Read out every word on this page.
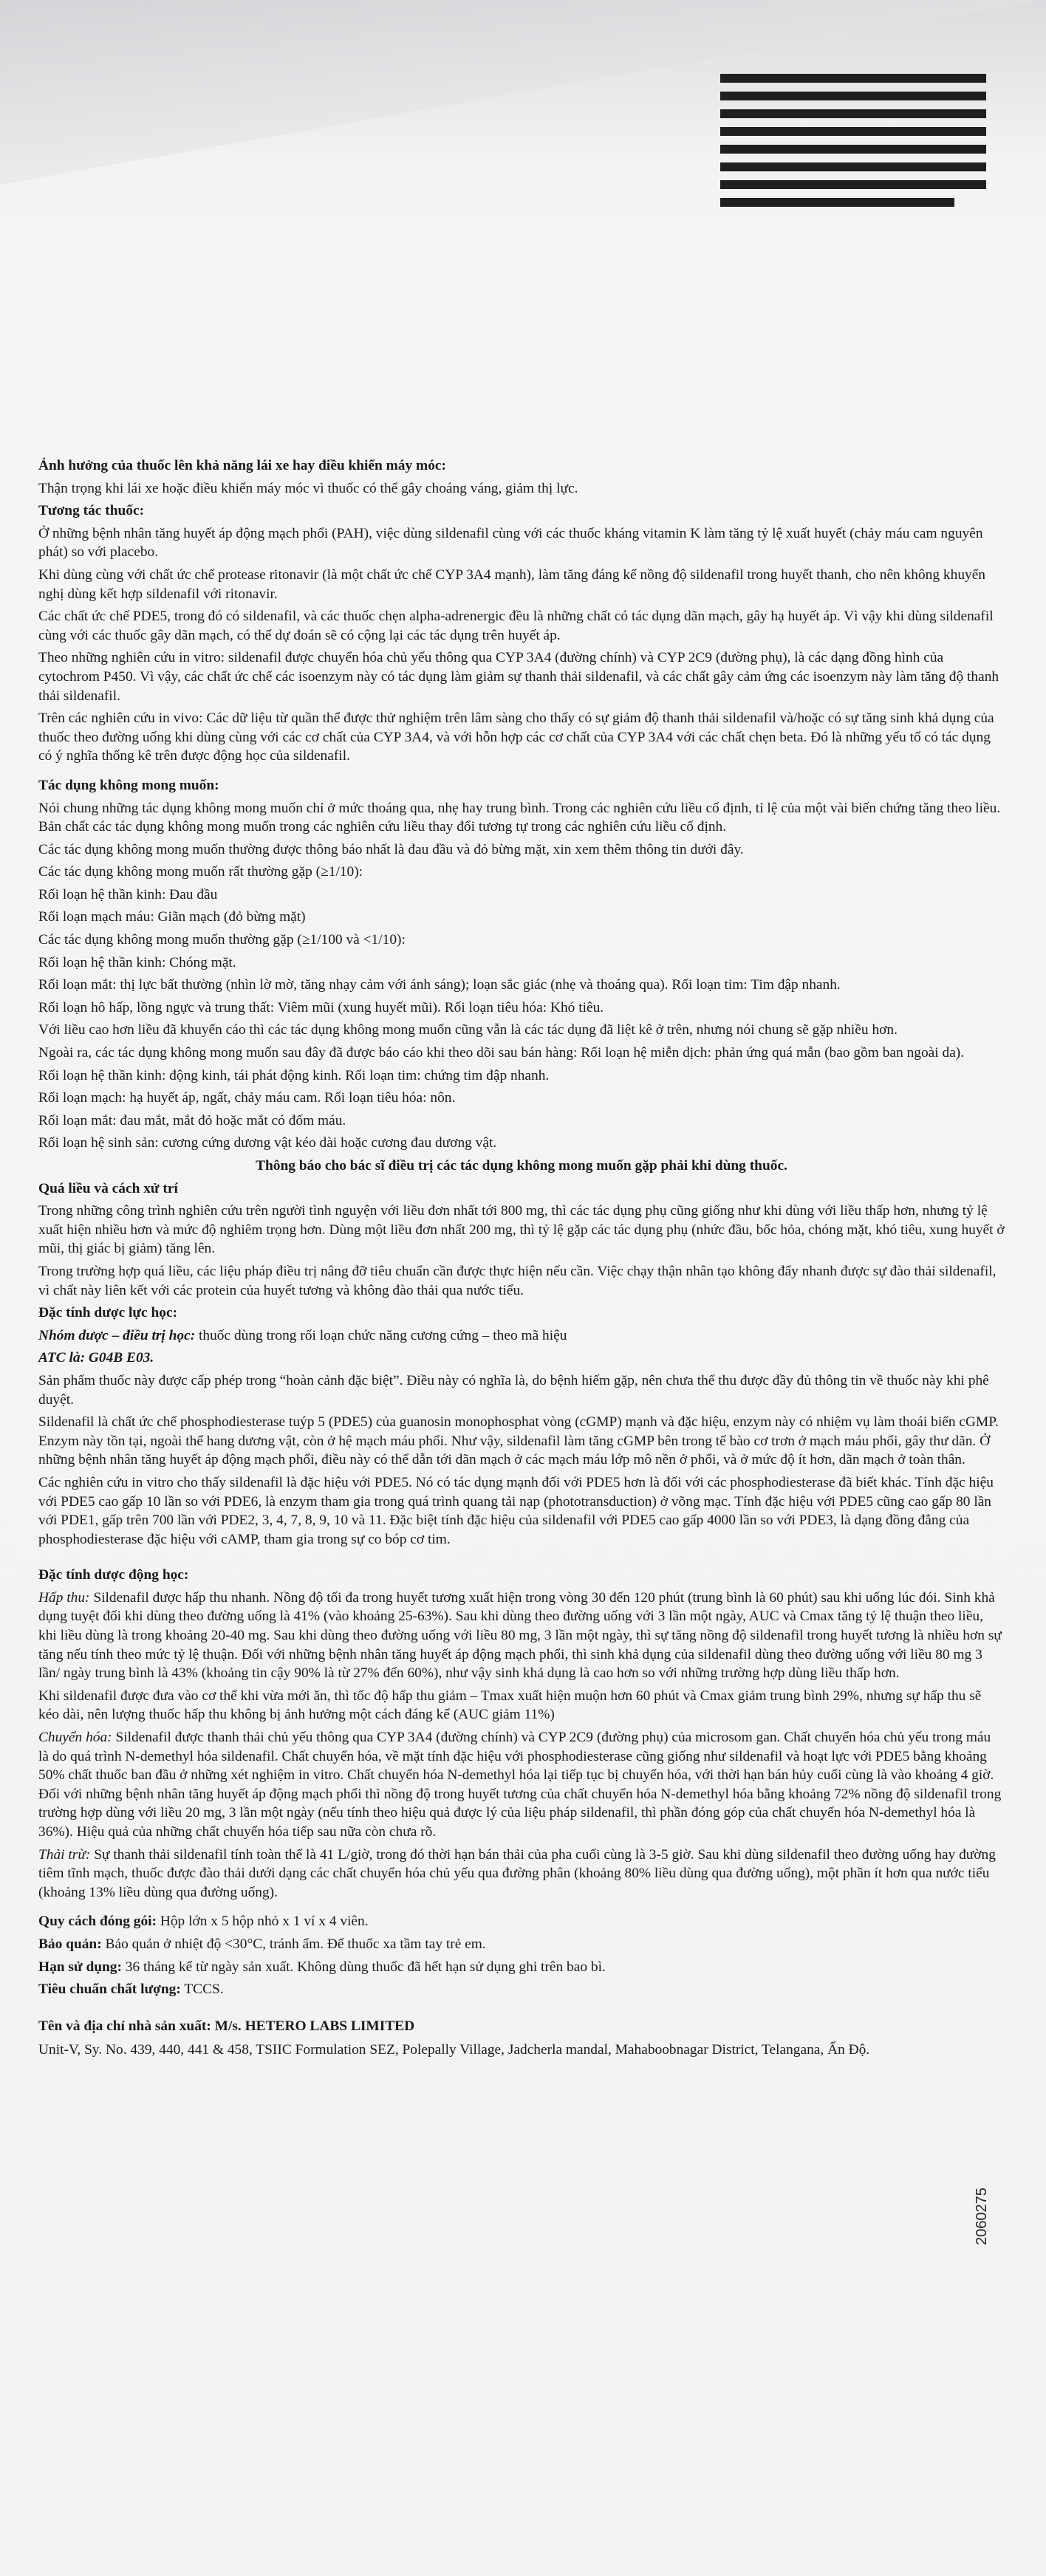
Ảnh hưởng của thuốc lên khả năng lái xe hay điều khiển máy móc:

Thận trọng khi lái xe hoặc điều khiển máy móc vì thuốc có thể gây choáng váng, giảm thị lực.

Tương tác thuốc:

Ở những bệnh nhân tăng huyết áp động mạch phổi (PAH), việc dùng sildenafil cùng với các thuốc kháng vitamin K làm tăng tỷ lệ xuất huyết (chảy máu cam nguyên phát) so với placebo.

Khi dùng cùng với chất ức chế protease ritonavir (là một chất ức chế CYP 3A4 mạnh), làm tăng đáng kể nồng độ sildenafil trong huyết thanh, cho nên không khuyến nghị dùng kết hợp sildenafil với ritonavir.

Các chất ức chế PDE5, trong đó có sildenafil, và các thuốc chẹn alpha-adrenergic đều là những chất có tác dụng dãn mạch, gây hạ huyết áp. Vì vậy khi dùng sildenafil cùng với các thuốc gây dãn mạch, có thể dự đoán sẽ có cộng lại các tác dụng trên huyết áp.

Theo những nghiên cứu in vitro: sildenafil được chuyển hóa chủ yếu thông qua CYP 3A4 (đường chính) và CYP 2C9 (đường phụ), là các dạng đồng hình của cytochrom P450. Vì vậy, các chất ức chế các isoenzym này có tác dụng làm giảm sự thanh thải sildenafil, và các chất gây cảm ứng các isoenzym này làm tăng độ thanh thải sildenafil.

Trên các nghiên cứu in vivo: Các dữ liệu từ quần thể được thử nghiệm trên lâm sàng cho thấy có sự giảm độ thanh thải sildenafil và/hoặc có sự tăng sinh khả dụng của thuốc theo đường uống khi dùng cùng với các cơ chất của CYP 3A4, và với hỗn hợp các cơ chất của CYP 3A4 với các chất chẹn beta. Đó là những yếu tố có tác dụng có ý nghĩa thống kê trên được động học của sildenafil.

Tác dụng không mong muốn:

Nói chung những tác dụng không mong muốn chỉ ở mức thoáng qua, nhẹ hay trung bình. Trong các nghiên cứu liều cố định, tỉ lệ của một vài biến chứng tăng theo liều. Bản chất các tác dụng không mong muốn trong các nghiên cứu liều thay đổi tương tự trong các nghiên cứu liều cố định.

Các tác dụng không mong muốn thường được thông báo nhất là đau đầu và đỏ bừng mặt, xin xem thêm thông tin dưới đây.

Các tác dụng không mong muốn rất thường gặp (≥1/10):

Rối loạn hệ thần kinh: Đau đầu

Rối loạn mạch máu: Giãn mạch (đỏ bừng mặt)

Các tác dụng không mong muốn thường gặp (≥1/100 và <1/10):

Rối loạn hệ thần kinh: Chóng mặt.

Rối loạn mắt: thị lực bất thường (nhìn lờ mờ, tăng nhạy cảm với ánh sáng); loạn sắc giác (nhẹ và thoáng qua). Rối loạn tim: Tim đập nhanh.

Rối loạn hô hấp, lồng ngực và trung thất: Viêm mũi (xung huyết mũi). Rối loạn tiêu hóa: Khó tiêu.

Với liều cao hơn liều đã khuyến cáo thì các tác dụng không mong muốn cũng vẫn là các tác dụng đã liệt kê ở trên, nhưng nói chung sẽ gặp nhiều hơn.

Ngoài ra, các tác dụng không mong muốn sau đây đã được báo cáo khi theo dõi sau bán hàng: Rối loạn hệ miễn dịch: phản ứng quá mẫn (bao gồm ban ngoài da).

Rối loạn hệ thần kinh: động kinh, tái phát động kinh. Rối loạn tim: chứng tim đập nhanh.

Rối loạn mạch: hạ huyết áp, ngất, chảy máu cam. Rối loạn tiêu hóa: nôn.

Rối loạn mắt: đau mắt, mắt đỏ hoặc mắt có đốm máu.

Rối loạn hệ sinh sản: cương cứng dương vật kéo dài hoặc cương đau dương vật.

Thông báo cho bác sĩ điều trị các tác dụng không mong muốn gặp phải khi dùng thuốc.

Quá liều và cách xử trí

Trong những công trình nghiên cứu trên người tình nguyện với liều đơn nhất tới 800 mg, thì các tác dụng phụ cũng giống như khi dùng với liều thấp hơn, nhưng tỷ lệ xuất hiện nhiều hơn và mức độ nghiêm trọng hơn. Dùng một liều đơn nhất 200 mg, thì tỷ lệ gặp các tác dụng phụ (nhức đầu, bốc hỏa, chóng mặt, khó tiêu, xung huyết ở mũi, thị giác bị giảm) tăng lên.

Trong trường hợp quá liều, các liệu pháp điều trị nâng đỡ tiêu chuẩn cần được thực hiện nếu cần. Việc chạy thận nhân tạo không đẩy nhanh được sự đào thải sildenafil, vì chất này liên kết với các protein của huyết tương và không đào thải qua nước tiểu.

Đặc tính dược lực học:

Nhóm dược – điều trị học: thuốc dùng trong rối loạn chức năng cương cứng – theo mã hiệu

ATC là: G04B E03.

Sản phẩm thuốc này được cấp phép trong “hoàn cảnh đặc biệt”. Điều này có nghĩa là, do bệnh hiếm gặp, nên chưa thể thu được đầy đủ thông tin về thuốc này khi phê duyệt.

Sildenafil là chất ức chế phosphodiesterase tuýp 5 (PDE5) của guanosin monophosphat vòng (cGMP) mạnh và đặc hiệu, enzym này có nhiệm vụ làm thoái biến cGMP. Enzym này tồn tại, ngoài thể hang dương vật, còn ở hệ mạch máu phổi. Như vậy, sildenafil làm tăng cGMP bên trong tế bào cơ trơn ở mạch máu phổi, gây thư dãn. Ở những bệnh nhân tăng huyết áp động mạch phổi, điều này có thể dẫn tới dãn mạch ở các mạch máu lớp mô nền ở phổi, và ở mức độ ít hơn, dãn mạch ở toàn thân.

Các nghiên cứu in vitro cho thấy sildenafil là đặc hiệu với PDE5. Nó có tác dụng mạnh đối với PDE5 hơn là đối với các phosphodiesterase đã biết khác. Tính đặc hiệu với PDE5 cao gấp 10 lần so với PDE6, là enzym tham gia trong quá trình quang tải nạp (phototransduction) ở võng mạc. Tính đặc hiệu với PDE5 cũng cao gấp 80 lần với PDE1, gấp trên 700 lần với PDE2, 3, 4, 7, 8, 9, 10 và 11. Đặc biệt tính đặc hiệu của sildenafil với PDE5 cao gấp 4000 lần so với PDE3, là dạng đồng đẳng của phosphodiesterase đặc hiệu với cAMP, tham gia trong sự co bóp cơ tim.

Đặc tính dược động học:

Hấp thu: Sildenafil được hấp thu nhanh. Nồng độ tối đa trong huyết tương xuất hiện trong vòng 30 đến 120 phút (trung bình là 60 phút) sau khi uống lúc đói. Sinh khả dụng tuyệt đối khi dùng theo đường uống là 41% (vào khoảng 25-63%). Sau khi dùng theo đường uống với 3 lần một ngày, AUC và Cmax tăng tỷ lệ thuận theo liều, khi liều dùng là trong khoảng 20-40 mg. Sau khi dùng theo đường uống với liều 80 mg, 3 lần một ngày, thì sự tăng nồng độ sildenafil trong huyết tương là nhiều hơn sự tăng nếu tính theo mức tỷ lệ thuận. Đối với những bệnh nhân tăng huyết áp động mạch phổi, thì sinh khả dụng của sildenafil dùng theo đường uống với liều 80 mg 3 lần/ ngày trung bình là 43% (khoảng tin cậy 90% là từ 27% đến 60%), như vậy sinh khả dụng là cao hơn so với những trường hợp dùng liều thấp hơn.

Khi sildenafil được đưa vào cơ thể khi vừa mới ăn, thì tốc độ hấp thu giảm – Tmax xuất hiện muộn hơn 60 phút và Cmax giảm trung bình 29%, nhưng sự hấp thu sẽ kéo dài, nên lượng thuốc hấp thu không bị ảnh hưởng một cách đáng kể (AUC giảm 11%)

Chuyển hóa: Sildenafil được thanh thải chủ yếu thông qua CYP 3A4 (đường chính) và CYP 2C9 (đường phụ) của microsom gan. Chất chuyển hóa chủ yếu trong máu là do quá trình N-demethyl hóa sildenafil. Chất chuyển hóa, về mặt tính đặc hiệu với phosphodiesterase cũng giống như sildenafil và hoạt lực với PDE5 bằng khoảng 50% chất thuốc ban đầu ở những xét nghiệm in vitro. Chất chuyển hóa N-demethyl hóa lại tiếp tục bị chuyển hóa, với thời hạn bán hủy cuối cùng là vào khoảng 4 giờ. Đối với những bệnh nhân tăng huyết áp động mạch phổi thì nồng độ trong huyết tương của chất chuyển hóa N-demethyl hóa bằng khoảng 72% nồng độ sildenafil trong trường hợp dùng với liều 20 mg, 3 lần một ngày (nếu tính theo hiệu quả được lý của liệu pháp sildenafil, thì phần đóng góp của chất chuyển hóa N-demethyl hóa là 36%). Hiệu quả của những chất chuyển hóa tiếp sau nữa còn chưa rõ.

Thải trừ: Sự thanh thải sildenafil tính toàn thể là 41 L/giờ, trong đó thời hạn bán thải của pha cuối cùng là 3-5 giờ. Sau khi dùng sildenafil theo đường uống hay đường tiêm tĩnh mạch, thuốc được đào thải dưới dạng các chất chuyển hóa chủ yếu qua đường phân (khoảng 80% liều dùng qua đường uống), một phần ít hơn qua nước tiểu (khoảng 13% liều dùng qua đường uống).

Quy cách đóng gói: Hộp lớn x 5 hộp nhỏ x 1 ví x 4 viên.

Bảo quản: Bảo quản ở nhiệt độ <30°C, tránh ẩm. Để thuốc xa tầm tay trẻ em.

Hạn sử dụng: 36 tháng kể từ ngày sản xuất. Không dùng thuốc đã hết hạn sử dụng ghi trên bao bì.

Tiêu chuẩn chất lượng: TCCS.

Tên và địa chỉ nhà sản xuất: M/s. HETERO LABS LIMITED

Unit-V, Sy. No. 439, 440, 441 & 458, TSIIC Formulation SEZ, Polepally Village, Jadcherla mandal, Mahaboobnagar District, Telangana, Ấn Độ.

2060275
